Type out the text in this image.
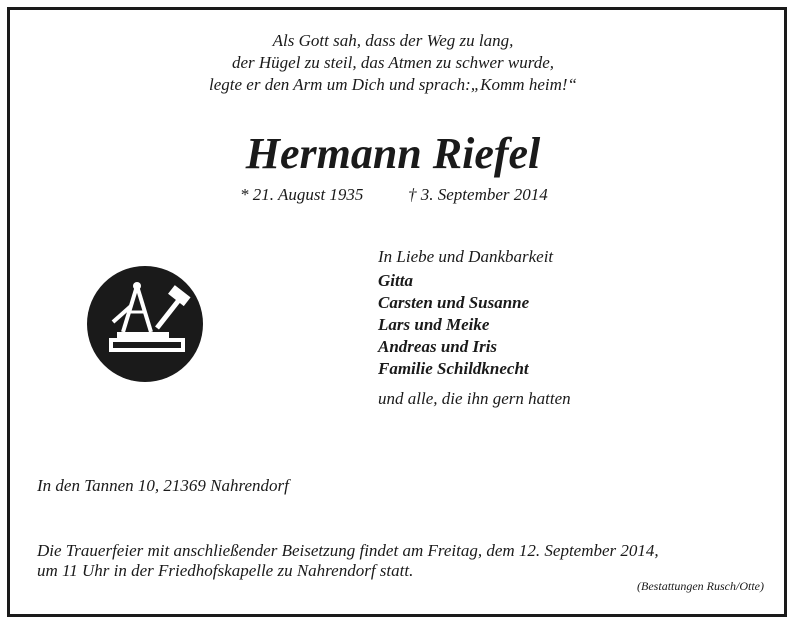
Als Gott sah, dass der Weg zu lang,
der Hügel zu steil, das Atmen zu schwer wurde,
legte er den Arm um Dich und sprach:„Komm heim!“
Hermann Riefel
* 21. August 1935	† 3. September 2014
In Liebe und Dankbarkeit
Gitta
Carsten und Susanne
Lars und Meike
Andreas und Iris
Familie Schildknecht
und alle, die ihn gern hatten
In den Tannen 10, 21369 Nahrendorf
Die Trauerfeier mit anschließender Beisetzung findet am Freitag, dem 12. September 2014,
um 11 Uhr in der Friedhofskapelle zu Nahrendorf statt.
(Bestattungen Rusch/Otte)
